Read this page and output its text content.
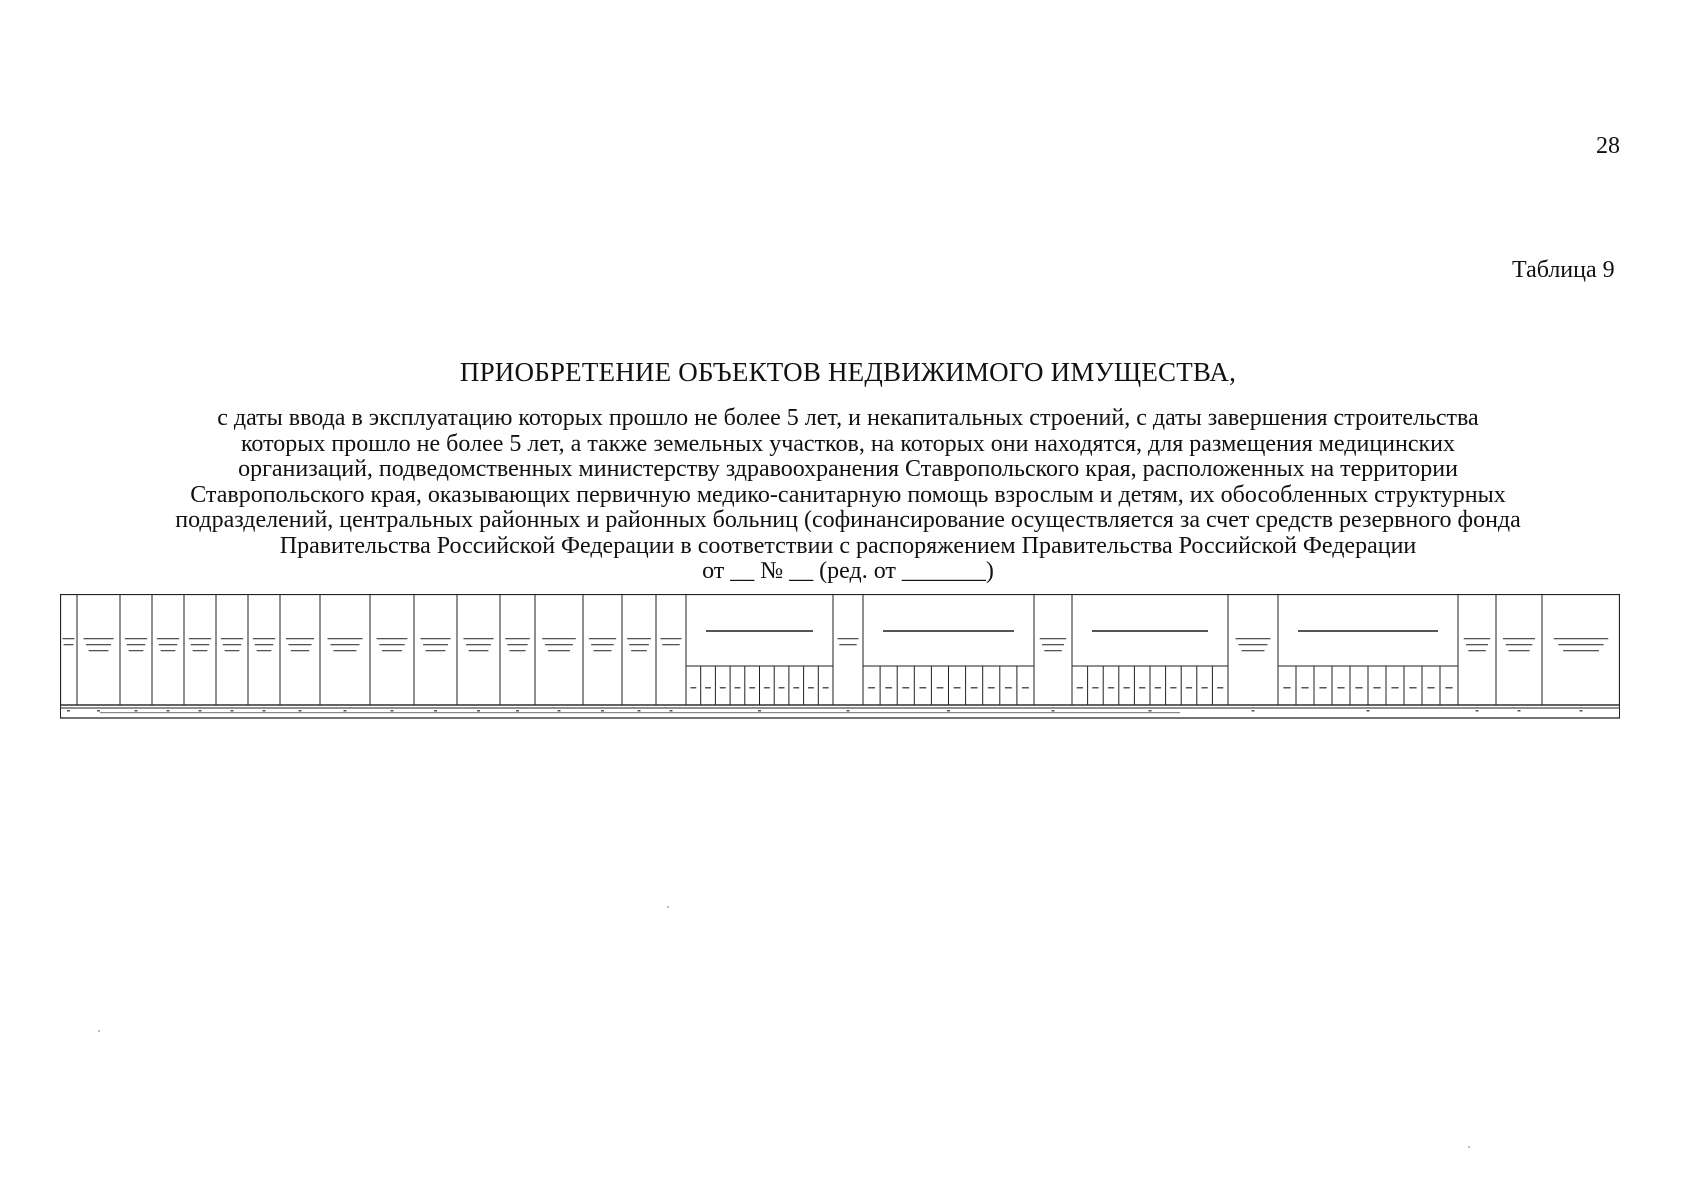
28
Таблица 9
ПРИОБРЕТЕНИЕ ОБЪЕКТОВ НЕДВИЖИМОГО ИМУЩЕСТВА,
с даты ввода в эксплуатацию которых прошло не более 5 лет, и некапитальных строений, с даты завершения строительства
которых прошло не более 5 лет, а также земельных участков, на которых они находятся, для размещения медицинских
организаций, подведомственных министерству здравоохранения Ставропольского края, расположенных на территории
Ставропольского края, оказывающих первичную медико-санитарную помощь взрослым и детям, их обособленных структурных
подразделений, центральных районных и районных больниц (софинансирование осуществляется за счет средств резервного фонда
Правительства Российской Федерации в соответствии с распоряжением Правительства Российской Федерации
от __ № __ (ред. от _______)
